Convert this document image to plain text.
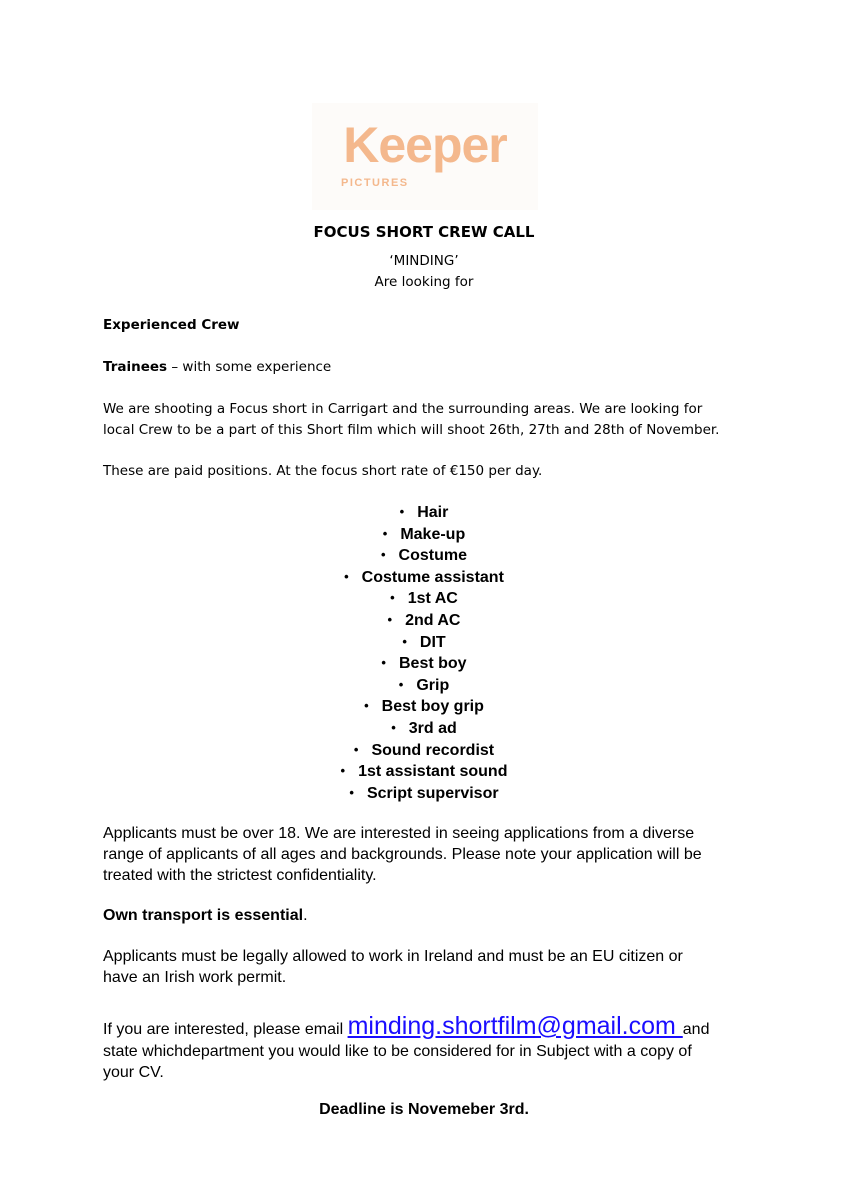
Keeper
PICTURES
FOCUS SHORT CREW CALL
‘MINDING’
Are looking for
Experienced Crew
Trainees – with some experience
We are shooting a Focus short in Carrigart and the surrounding areas. We are looking for
local Crew to be a part of this Short film which will shoot 26th, 27th and 28th of November.
These are paid positions. At the focus short rate of €150 per day.
• Hair
• Make-up
• Costume
• Costume assistant
• 1st AC
• 2nd AC
• DIT
• Best boy
• Grip
• Best boy grip
• 3rd ad
• Sound recordist
• 1st assistant sound
• Script supervisor
Applicants must be over 18. We are interested in seeing applications from a diverse
range of applicants of all ages and backgrounds. Please note your application will be
treated with the strictest confidentiality.
Own transport is essential.
Applicants must be legally allowed to work in Ireland and must be an EU citizen or
have an Irish work permit.
If you are interested, please email minding.shortfilm@gmail.com and
state whichdepartment you would like to be considered for in Subject with a copy of
your CV.
Deadline is Novemeber 3rd.
